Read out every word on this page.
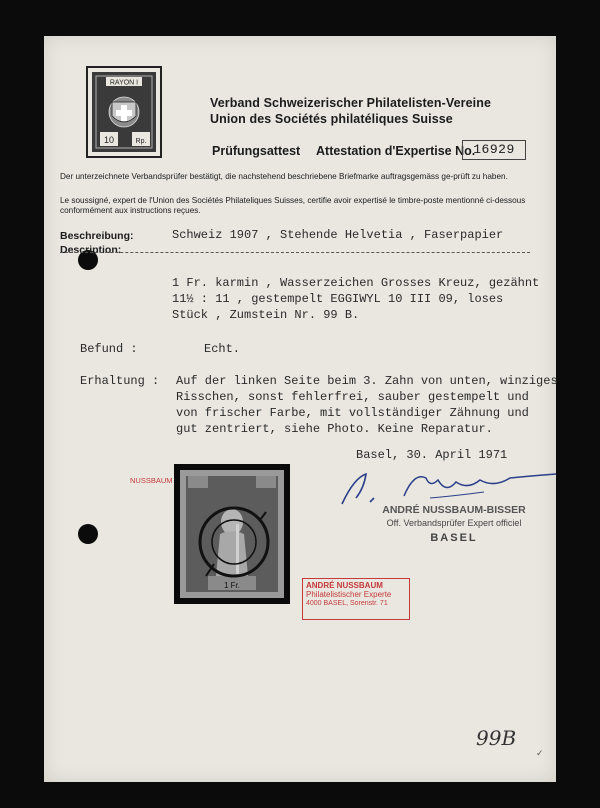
RAYON I
10	Rp.
Verband Schweizerischer Philatelisten-Vereine
Union des Sociétés philatéliques Suisse
Prüfungsattest Attestation d'Expertise No.
16929
Der unterzeichnete Verbandsprüfer bestätigt, die nachstehend beschriebene Briefmarke auftragsgemäss ge-prüft zu haben.
Le soussigné, expert de l'Union des Sociétés Philateliques Suisses, certifie avoir expertisé le timbre-poste mentionné ci-dessous conformément aux instructions reçues.
Beschreibung:
Description:
Schweiz 1907 , Stehende Helvetia , Faserpapier
1 Fr. karmin , Wasserzeichen Grosses Kreuz, gezähnt
11½ : 11 , gestempelt EGGIWYL 10 III 09, loses
Stück , Zumstein Nr. 99 B.
Befund :	Echt.
Erhaltung : Auf der linken Seite beim 3. Zahn von unten, winziges
Risschen, sonst fehlerfrei, sauber gestempelt und
von frischer Farbe, mit vollständiger Zähnung und
gut zentriert, siehe Photo. Keine Reparatur.
Basel, 30. April 1971
NUSSBAUM
1 Fr.	ANDRÉ NUSSBAUM
Philatelistischer Experte
4000 BASEL, Sorenstr. 71
ANDRÉ NUSSBAUM-BISSER
Off. Verbandsprüfer Expert officiel
BASEL
99B
✓
